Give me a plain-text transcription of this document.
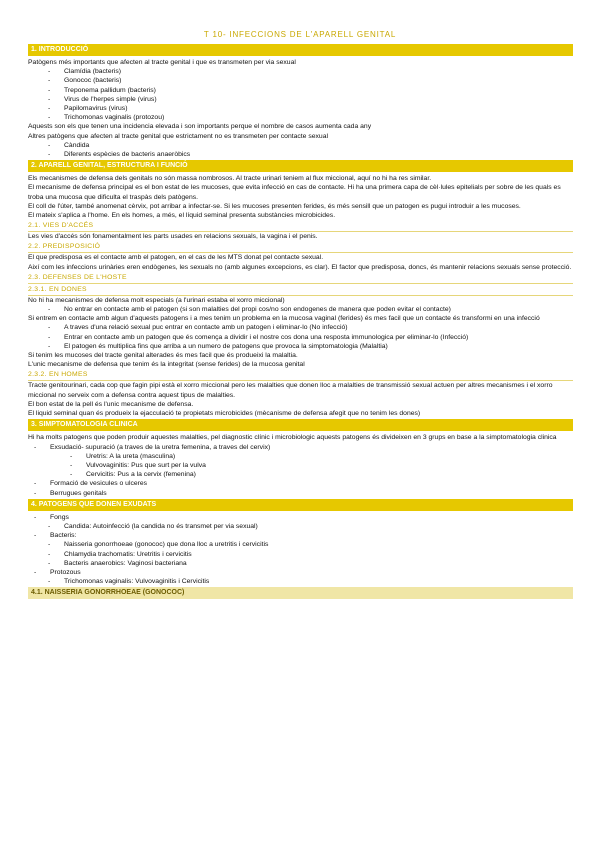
T 10- INFECCIONS DE L'APARELL GENITAL
1. INTRODUCCIÓ

Patògens més importants que afecten al tracte genital i que es transmeten per via sexual

- Clamídia (bacteris)
- Gonococ (bacteris)
- Treponema pallidum (bacteris)
- Virus de l'herpes simple (virus)
- Papilomavirus (virus)
- Trichomonas vaginalis (protozou)

Aquests son els que tenen una incidencia elevada i son importants perque el nombre de casos aumenta cada any

Altres patògens que afecten al tracte genital que estrictament no es transmeten per contacte sexual

- Càndida
- Diferents espècies de bacteris anaeròbics
2. APARELL GENITAL, ESTRUCTURA I FUNCIÓ

Els mecanismes de defensa dels genitals no són massa nombrosos. Al tracte urinari teniem al flux miccional, aquí no hi ha res similar.

El mecanisme de defensa principal es el bon estat de les mucoses, que evita infecció en cas de contacte. Hi ha una primera capa de cèl·lules epitelials per sobre de les quals es troba una mucosa que dificulta el traspàs dels patògens.

El coll de l'úter, també anomenat cèrvix, pot arribar a infectar-se. Si les mucoses presenten ferides, és més sensill que un patogen es pugui introduir a les mucoses.

El mateix s'aplica a l'home. En els homes, a més, el líquid seminal presenta substàncies microbicides.

2.1. VIES D'ACCÉS

Les vies d'accés són fonamentalment les parts usades en relacions sexuals, la vagina i el penis.

2.2. PREDISPOSICIÓ

El que predisposa es el contacte amb el patogen, en el cas de les MTS donat pel contacte sexual.

Així com les infeccions urinàries eren endògenes, les sexuals no (amb algunes excepcions, es clar). El factor que predisposa, doncs, és mantenir relacions sexuals sense protecció.

2.3. DEFENSES DE L'HOSTE
2.3.1. EN DONES

No hi ha mecanismes de defensa molt especials (a l'urinari estaba el xorro miccional)

- No entrar en contacte amb el patogen (si son malalties del propi cos/no son endogenes de manera que poden evitar el contacte)

Si entrem en contacte amb algun d'aquests patogens i a mes tenim un problema en la mucosa vaginal (ferides) és mes facil que un contacte és transformi en una infecció

- A traves d'una relació sexual puc entrar en contacte amb un patogen i eliminar-lo (No infecció)
- Entrar en contacte amb un patogen que és comença a dividir i el nostre cos dona una resposta immunologica per eliminar-lo (Infecció)
- El patogen és multiplica fins que arriba a un numero de patogens que provoca la simptomatologia (Malaltia)

Si tenim les mucoses del tracte genital alterades és mes facil que és produeixi la malaltia.

L'unic mecanisme de defensa que tenim és la integritat (sense ferides) de la mucosa genital

2.3.2. EN HOMES

Tracte genitourinari, cada cop que fagin pipi està el xorro miccional pero les malalties que donen lloc a malalties de transmissió sexual actuen per altres mecanismes i el xorro miccional no serveix com a defensa contra aquest tipus de malalties.

El bon estat de la pell és l'unic mecanisme de defensa.

El liquid seminal quan és produeix la ejacculació te propietats microbicides (mècanisme de defensa afegit que no tenim les dones)

3. SIMPTOMATOLOGIA CLINICA

Hi ha molts patogens que poden produir aquestes malalties, pel diagnostic clínic i microbiologic aquests patogens és divideixen en 3 grups en base a la simptomatologia clinica

- Exsudació- supuració (a traves de la uretra femenina, a traves del cervix)
- Uretris: A la ureta (masculina)
- Vulvovaginitis: Pus que surt per la vulva
- Cervicitis: Pus a la cervix (femenina)
- Formació de vesicules o ulceres
- Berrugues genitals
4. PATOGENS QUE DONEN EXUDATS
- Fongs
- Candida: Autoinfecció (la candida no és transmet per via sexual)
- Bacteris:
- Naisseria gonorrhoeae (gonococ) que dona lloc a uretritis i cervicitis
- Chlamydia trachomatis: Uretritis i cervicitis
- Bacteris anaerobics: Vaginosi bacteriana
- Protozous
- Trichomonas vaginalis: Vulvovaginitis i Cervicitis
4.1. NAISSERIA GONORRHOEAE (GONOCOC)
